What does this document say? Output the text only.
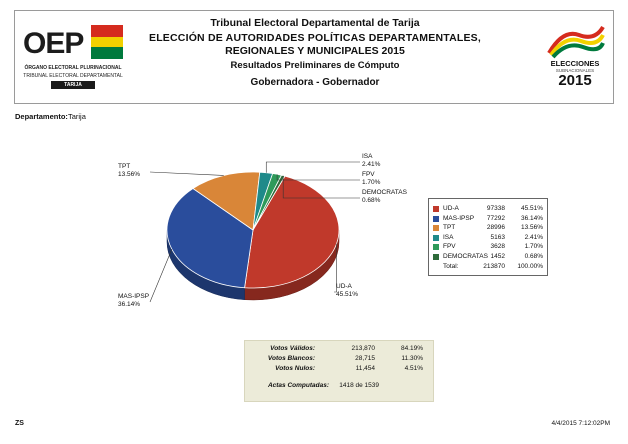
OEP
ÓRGANO ELECTORAL PLURINACIONAL
TRIBUNAL ELECTORAL DEPARTAMENTAL
TARIJA
Tribunal Electoral Departamental de Tarija
ELECCIÓN DE AUTORIDADES POLÍTICAS DEPARTAMENTALES,
REGIONALES Y MUNICIPALES 2015
Resultados Preliminares de Cómputo
Gobernadora - Gobernador
ELECCIONES
SUBNACIONALES
2015
Departamento:Tarija
UD-A
45.51%
MAS-IPSP
36.14%
TPT
13.56%
ISA
2.41%
FPV
1.70%
DEMOCRATAS
0.68%
UD-A	97338 45.51%
MAS-IPSP 77292 36.14%
TPT	28996 13.56%
ISA	5163	2.41%
FPV	3628	1.70%
DEMOCRATAS 1452	0.68%
Total:	213870 100.00%
Votos Válidos:	213,870	84.19%
Votos Blancos:	28,715	11.30%
Votos Nulos:	11,454	4.51%
Actas Computadas: 1418 de 1539
ZS	4/4/2015 7:12:02PM
